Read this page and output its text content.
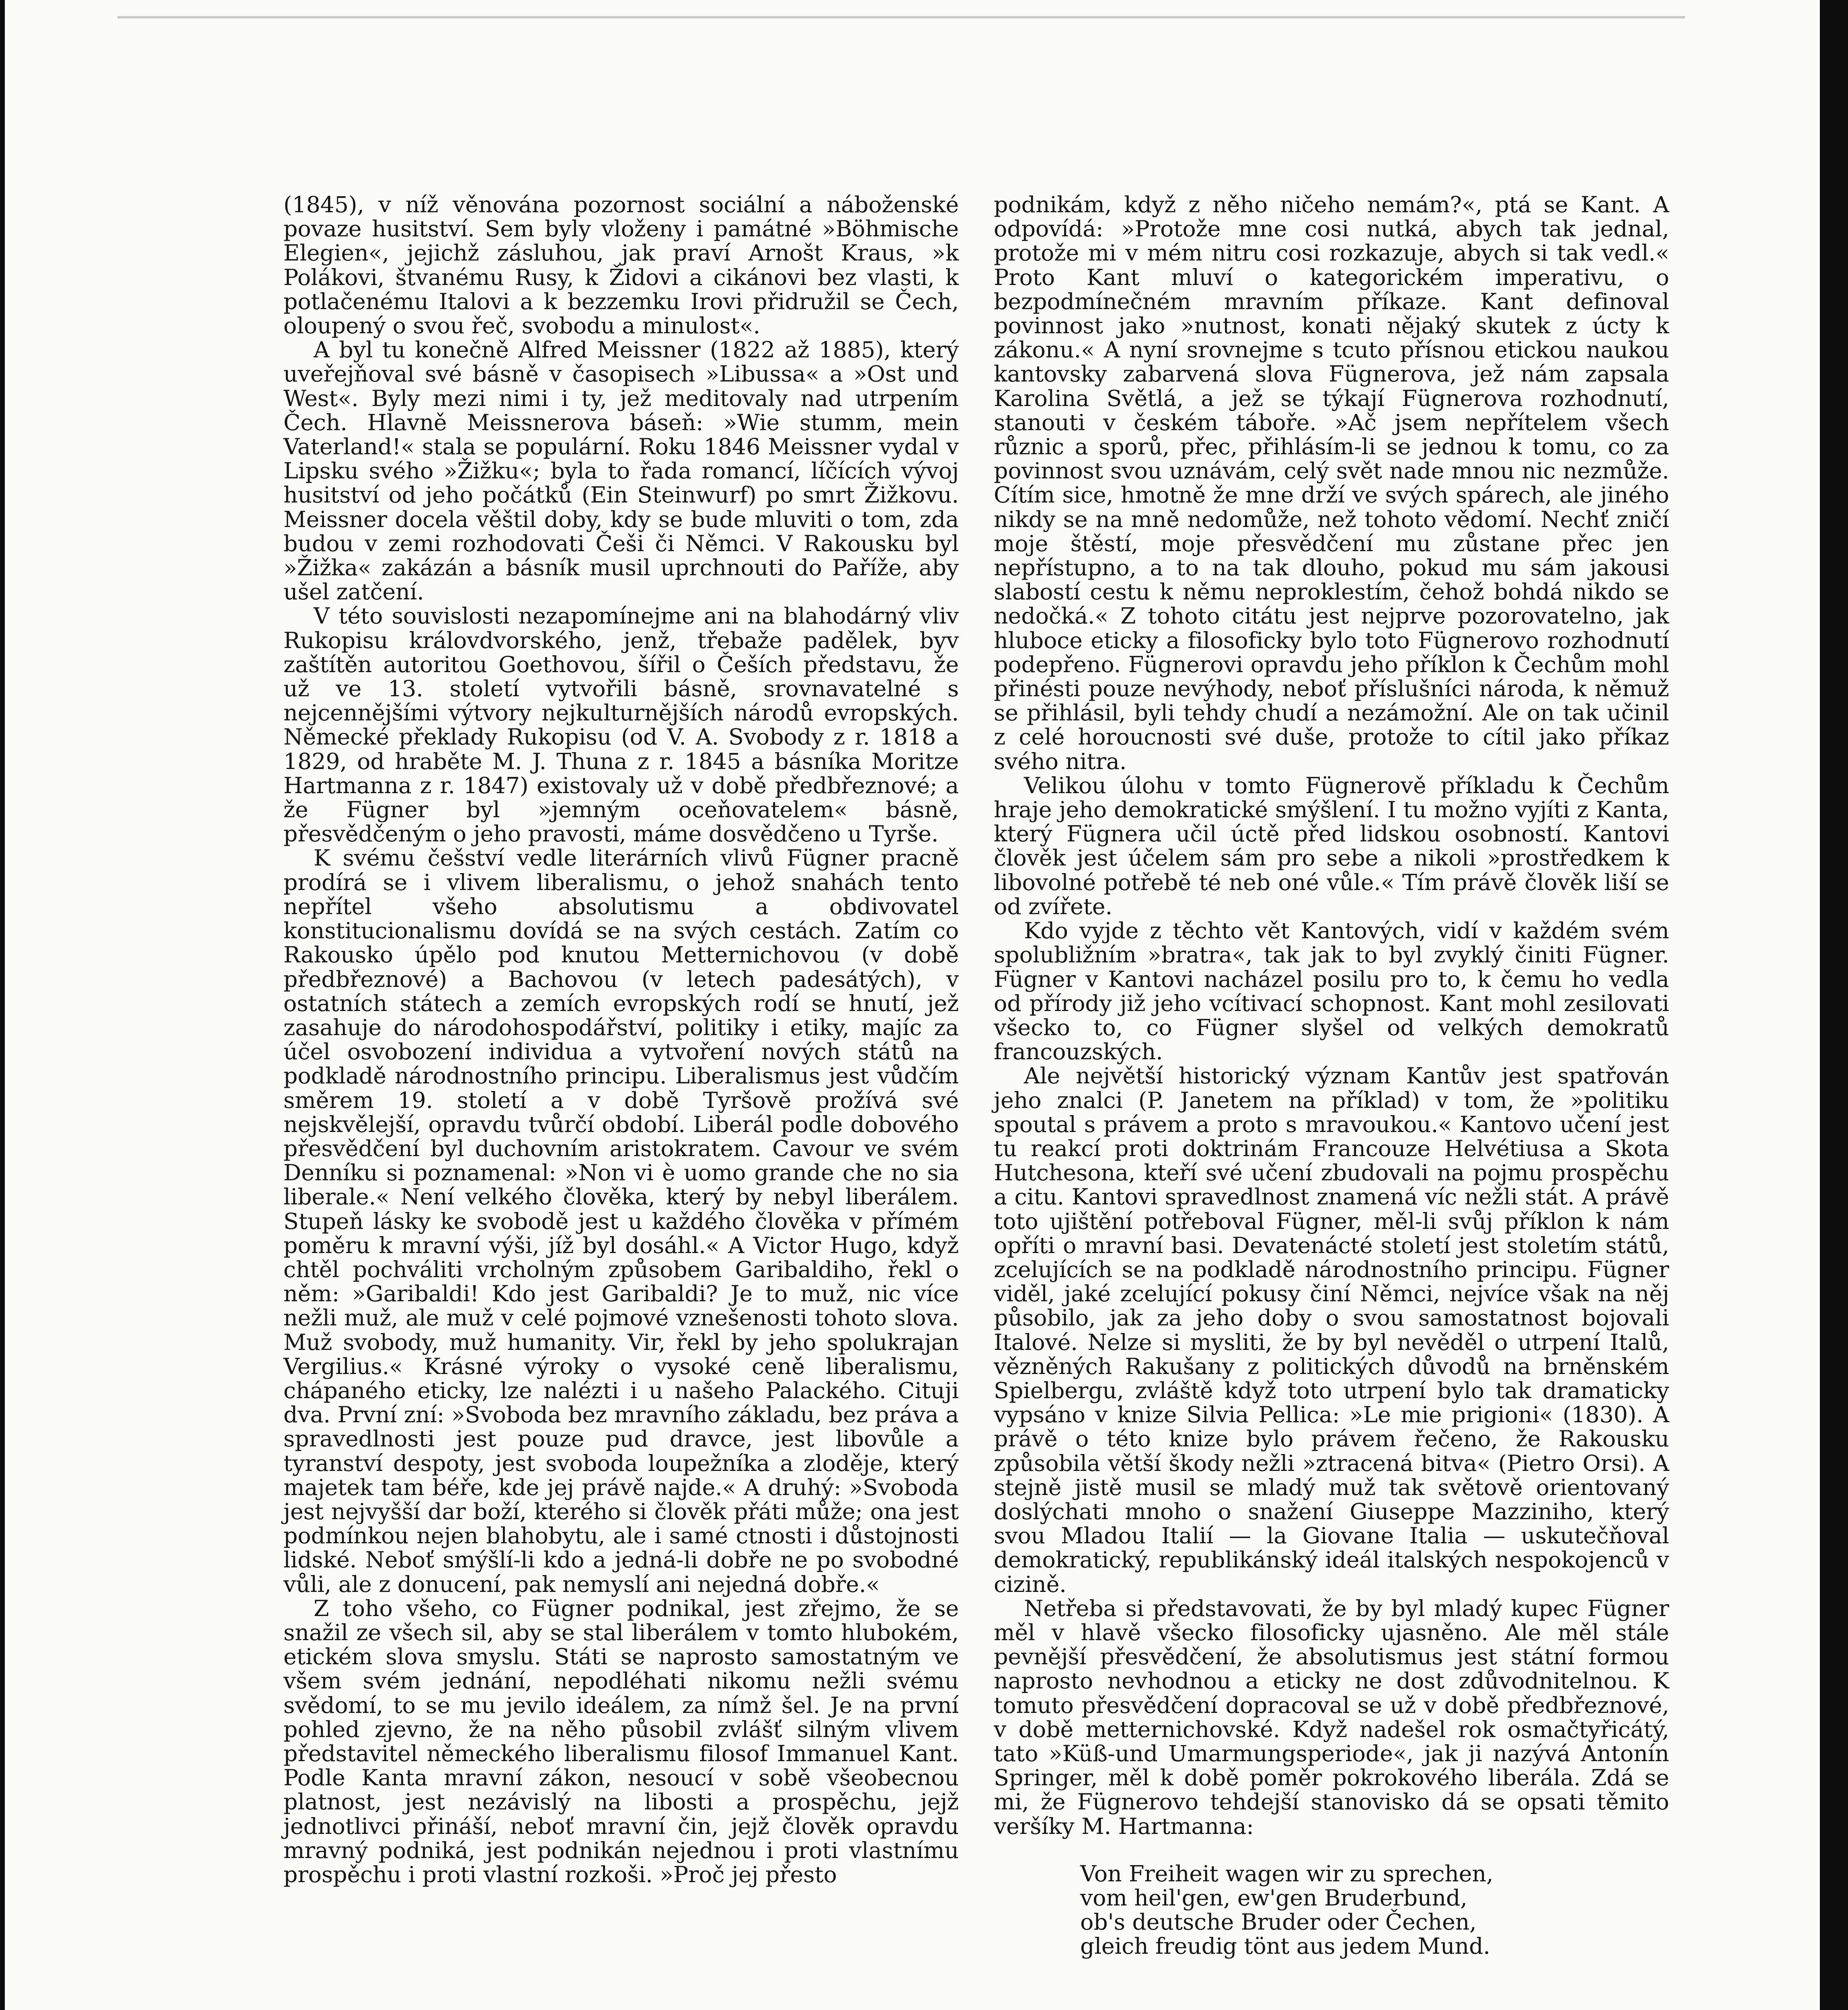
(1845), v níž věnována pozornost sociální a náboženské povaze husitství. Sem byly vloženy i památné »Böhmische Elegien«, jejichž zásluhou, jak praví Arnošt Kraus, »k Polákovi, štvanému Rusy, k Židovi a cikánovi bez vlasti, k potlačenému Italovi a k bezzemku Irovi přidružil se Čech, oloupený o svou řeč, svobodu a minulost«.

A byl tu konečně Alfred Meissner (1822 až 1885), který uveřejňoval své básně v časopisech »Libussa« a »Ost und West«. Byly mezi nimi i ty, jež meditovaly nad utrpením Čech. Hlavně Meissnerova báseň: »Wie stumm, mein Vaterland!« stala se populární. Roku 1846 Meissner vydal v Lipsku svého »Žižku«; byla to řada romancí, líčících vývoj husitství od jeho počátků (Ein Steinwurf) po smrt Žižkovu. Meissner docela věštil doby, kdy se bude mluviti o tom, zda budou v zemi rozhodovati Češi či Němci. V Rakousku byl »Žižka« zakázán a básník musil uprchnouti do Paříže, aby ušel zatčení.

V této souvislosti nezapomínejme ani na blahodárný vliv Rukopisu královdvorského, jenž, třebaže padělek, byv zaštítěn autoritou Goethovou, šířil o Češích představu, že už ve 13. století vytvořili básně, srovnavatelné s nejcennějšími výtvory nejkulturnějších národů evropských. Německé překlady Rukopisu (od V. A. Svobody z r. 1818 a 1829, od hraběte M. J. Thuna z r. 1845 a básníka Moritze Hartmanna z r. 1847) existovaly už v době předbřeznové; a že Fügner byl »jemným oceňovatelem« básně, přesvědčeným o jeho pravosti, máme dosvědčeno u Tyrše.

K svému češství vedle literárních vlivů Fügner pracně prodírá se i vlivem liberalismu, o jehož snahách tento nepřítel všeho absolutismu a obdivovatel konstitucionalismu dovídá se na svých cestách. Zatím co Rakousko úpělo pod knutou Metternichovou (v době předbřeznové) a Bachovou (v letech padesátých), v ostatních státech a zemích evropských rodí se hnutí, jež zasahuje do národohospodářství, politiky i etiky, majíc za účel osvobození individua a vytvoření nových států na podkladě národnostního principu. Liberalismus jest vůdčím směrem 19. století a v době Tyršově prožívá své nejskvělejší, opravdu tvůrčí období. Liberál podle dobového přesvědčení byl duchovním aristokratem. Cavour ve svém Denníku si poznamenal: »Non vi è uomo grande che no sia liberale.« Není velkého člověka, který by nebyl liberálem. Stupeň lásky ke svobodě jest u každého člověka v přímém poměru k mravní výši, jíž byl dosáhl.« A Victor Hugo, když chtěl pochváliti vrcholným způsobem Garibaldiho, řekl o něm: »Garibaldi! Kdo jest Garibaldi? Je to muž, nic více nežli muž, ale muž v celé pojmové vznešenosti tohoto slova. Muž svobody, muž humanity. Vir, řekl by jeho spolukrajan Vergilius.« Krásné výroky o vysoké ceně liberalismu, chápaného eticky, lze nalézti i u našeho Palackého. Cituji dva. První zní: »Svoboda bez mravního základu, bez práva a spravedlnosti jest pouze pud dravce, jest libovůle a tyranství despoty, jest svoboda loupežníka a zloděje, který majetek tam béře, kde jej právě najde.« A druhý: »Svoboda jest nejvyšší dar boží, kterého si člověk přáti může; ona jest podmínkou nejen blahobytu, ale i samé ctnosti i důstojnosti lidské. Neboť smýšlí-li kdo a jedná-li dobře ne po svobodné vůli, ale z donucení, pak nemyslí ani nejedná dobře.«

Z toho všeho, co Fügner podnikal, jest zřejmo, že se snažil ze všech sil, aby se stal liberálem v tomto hlubokém, etickém slova smyslu. Státi se naprosto samostatným ve všem svém jednání, nepodléhati nikomu nežli svému svědomí, to se mu jevilo ideálem, za nímž šel. Je na první pohled zjevno, že na něho působil zvlášť silným vlivem představitel německého liberalismu filosof Immanuel Kant. Podle Kanta mravní zákon, nesoucí v sobě všeobecnou platnost, jest nezávislý na libosti a prospěchu, jejž jednotlivci přináší, neboť mravní čin, jejž člověk opravdu mravný podniká, jest podnikán nejednou i proti vlastnímu prospěchu i proti vlastní rozkoši. »Proč jej přesto

podnikám, když z něho ničeho nemám?«, ptá se Kant. A odpovídá: »Protože mne cosi nutká, abych tak jednal, protože mi v mém nitru cosi rozkazuje, abych si tak vedl.« Proto Kant mluví o kategorickém imperativu, o bezpodmínečném mravním příkaze. Kant definoval povinnost jako »nutnost, konati nějaký skutek z úcty k zákonu.« A nyní srovnejme s tcuto přísnou etickou naukou kantovsky zabarvená slova Fügnerova, jež nám zapsala Karolina Světlá, a jež se týkají Fügnerova rozhodnutí, stanouti v českém táboře. »Ač jsem nepřítelem všech různic a sporů, přec, přihlásím-li se jednou k tomu, co za povinnost svou uznávám, celý svět nade mnou nic nezmůže. Cítím sice, hmotně že mne drží ve svých spárech, ale jiného nikdy se na mně nedomůže, než tohoto vědomí. Nechť zničí moje štěstí, moje přesvědčení mu zůstane přec jen nepřístupno, a to na tak dlouho, pokud mu sám jakousi slabostí cestu k němu neproklestím, čehož bohdá nikdo se nedočká.« Z tohoto citátu jest nejprve pozorovatelno, jak hluboce eticky a filosoficky bylo toto Fügnerovo rozhodnutí podepřeno. Fügnerovi opravdu jeho příklon k Čechům mohl přinésti pouze nevýhody, neboť příslušníci národa, k němuž se přihlásil, byli tehdy chudí a nezámožní. Ale on tak učinil z celé horoucnosti své duše, protože to cítil jako příkaz svého nitra.

Velikou úlohu v tomto Fügnerově příkladu k Čechům hraje jeho demokratické smýšlení. I tu možno vyjíti z Kanta, který Fügnera učil úctě před lidskou osobností. Kantovi člověk jest účelem sám pro sebe a nikoli »prostředkem k libovolné potřebě té neb oné vůle.« Tím právě člověk liší se od zvířete.

Kdo vyjde z těchto vět Kantových, vidí v každém svém spolubližním »bratra«, tak jak to byl zvyklý činiti Fügner. Fügner v Kantovi nacházel posilu pro to, k čemu ho vedla od přírody již jeho vcítivací schopnost. Kant mohl zesilovati všecko to, co Fügner slyšel od velkých demokratů francouzských.

Ale největší historický význam Kantův jest spatřován jeho znalci (P. Janetem na příklad) v tom, že »politiku spoutal s právem a proto s mravoukou.« Kantovo učení jest tu reakcí proti doktrinám Francouze Helvétiusa a Skota Hutchesona, kteří své učení zbudovali na pojmu prospěchu a citu. Kantovi spravedlnost znamená víc nežli stát. A právě toto ujištění potřeboval Fügner, měl-li svůj příklon k nám opříti o mravní basi. Devatenácté století jest stoletím států, zcelujících se na podkladě národnostního principu. Fügner viděl, jaké zcelující pokusy činí Němci, nejvíce však na něj působilo, jak za jeho doby o svou samostatnost bojovali Italové. Nelze si mysliti, že by byl nevěděl o utrpení Italů, vězněných Rakušany z politických důvodů na brněnském Spielbergu, zvláště když toto utrpení bylo tak dramaticky vypsáno v knize Silvia Pellica: »Le mie prigioni« (1830). A právě o této knize bylo právem řečeno, že Rakousku způsobila větší škody nežli »ztracená bitva« (Pietro Orsi). A stejně jistě musil se mladý muž tak světově orientovaný doslýchati mnoho o snažení Giuseppe Mazziniho, který svou Mladou Italií — la Giovane Italia — uskutečňoval demokratický, republikánský ideál italských nespokojenců v cizině.

Netřeba si představovati, že by byl mladý kupec Fügner měl v hlavě všecko filosoficky ujasněno. Ale měl stále pevnější přesvědčení, že absolutismus jest státní formou naprosto nevhodnou a eticky ne dost zdůvodnitelnou. K tomuto přesvědčení dopracoval se už v době předbřeznové, v době metternichovské. Když nadešel rok osmačtyřicátý, tato »Küß-und Umarmungsperiode«, jak ji nazývá Antonín Springer, měl k době poměr pokrokového liberála. Zdá se mi, že Fügnerovo tehdejší stanovisko dá se opsati těmito veršíky M. Hartmanna:

Von Freiheit wagen wir zu sprechen,
vom heil'gen, ew'gen Bruderbund,
ob's deutsche Bruder oder Čechen,
gleich freudig tönt aus jedem Mund.
